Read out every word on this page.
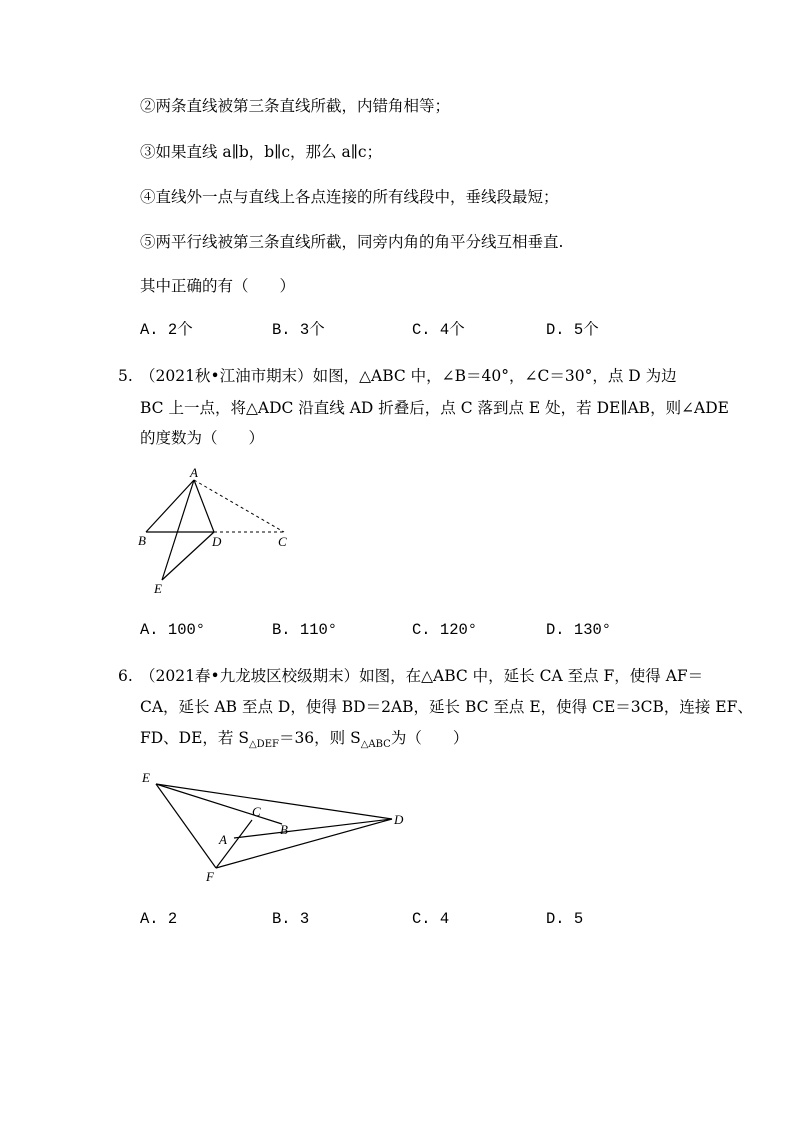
②两条直线被第三条直线所截，内错角相等；
③如果直线 a∥b，b∥c，那么 a∥c；
④直线外一点与直线上各点连接的所有线段中，垂线段最短；
⑤两平行线被第三条直线所截，同旁内角的角平分线互相垂直.
其中正确的有（　　）
A. 2个	B. 3个	C. 4个	D. 5个
5. （2021秋•江油市期末）如图，△ABC 中，∠B＝40°，∠C＝30°，点 D 为边
BC 上一点，将△ADC 沿直线 AD 折叠后，点 C 落到点 E 处，若 DE∥AB，则∠ADE
的度数为（　　）
A
B	D	C
E
A. 100°	B. 110°	C. 120°	D. 130°
6. （2021春•九龙坡区校级期末）如图，在△ABC 中，延长 CA 至点 F，使得 AF＝
CA，延长 AB 至点 D，使得 BD＝2AB，延长 BC 至点 E，使得 CE＝3CB，连接 EF、
FD、DE，若 $S_{\triangle DEF}=36$，则 $S_{\triangle ABC}$为（　　）
E
C
B
D
A
F
A. 2	B. 3	C. 4	D. 5
